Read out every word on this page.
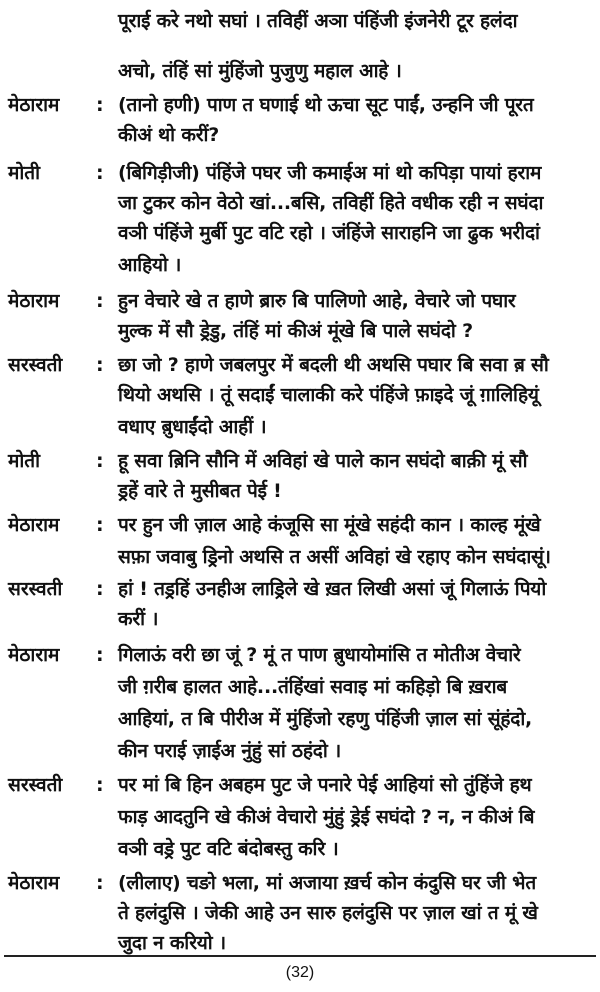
पूराई करे नथो सघां । तविहीं अञा पंहिंजी इंजनेरी टूर हलंदा
अचो, तंहिं सां मुंहिंजो पुजुणु महाल आहे ।
मेठाराम : (तानो हणी) पाण त घणाई थो ऊचा सूट पाईं, उन्हनि जी पूरत
कीअं थो करीं?
मोती	: (बिगिड़ीजी) पंहिंजे पघर जी कमाईअ मां थो कपिड़ा पायां हराम
जा टुकर कोन वेठो खां...बसि, तविहीं हिते वधीक रही न सघंदा
वञी पंहिंजे मुर्बी पुट वटि रहो । जंहिंजे साराहनि जा ढुक भरीदां
आहियो ।
मेठाराम : हुन वेचारे खे त हाणे ब्रारु बि पालिणो आहे, वेचारे जो पघार
मुल्क में सौ ड्रेडु, तंहिं मां कीअं मूंखे बि पाले सघंदो ?
सरस्वती : छा जो ? हाणे जबलपुर में बदली थी अथसि पघार बि सवा ब़ सौ
थियो अथसि । तूं सदाईं चालाकी करे पंहिंजे फ़ाइदे जूं ग़ालिहियूं
वधाए ब़ुधाईंदो आहीं ।
मोती	: हू सवा ब़िनि सौनि में अविहां खे पाले कान सघंदो बाक़ी मूं सौ
ड्रहें वारे ते मुसीबत पेई !
मेठाराम : पर हुन जी ज़ाल आहे कंजूसि सा मूंखे सहंदी कान । काल्ह मूंखे
सफ़ा जवाबु ड्रिनो अथसि त असीं अविहां खे रहाए कोन सघंदासूं।
सरस्वती : हां ! तड्रहिं उनहीअ लाड्रिले खे ख़त लिखी असां जूं गिलाऊं पियो
करीं ।
मेठाराम : गिलाऊं वरी छा जूं ? मूं त पाण ब़ुधायोमांसि त मोतीअ वेचारे
जी ग़रीब हालत आहे...तंहिंखां सवाइ मां कहिड़ो बि ख़राब
आहियां, त बि पीरीअ में मुंहिंजो रहणु पंहिंजी ज़ाल सां सूंहंदो,
कीन पराई ज़ाईअ नुंहुं सां ठहंदो ।
सरस्वती : पर मां बि हिन अबहम पुट जे पनारे पेई आहियां सो तुंहिंजे हथ
फाड़ आदतुनि खे कीअं वेचारो मुंहुं ड्रेई सघंदो ? न, न कीअं बि
वञी वड्रे पुट वटि बंदोबस्तु करि ।
मेठाराम : (लीलाए) चङो भला, मां अजाया ख़र्च कोन कंदुसि घर जी भेत
ते हलंदुसि । जेकी आहे उन सारु हलंदुसि पर ज़ाल खां त मूं खे
जुदा न करियो ।
(32)
